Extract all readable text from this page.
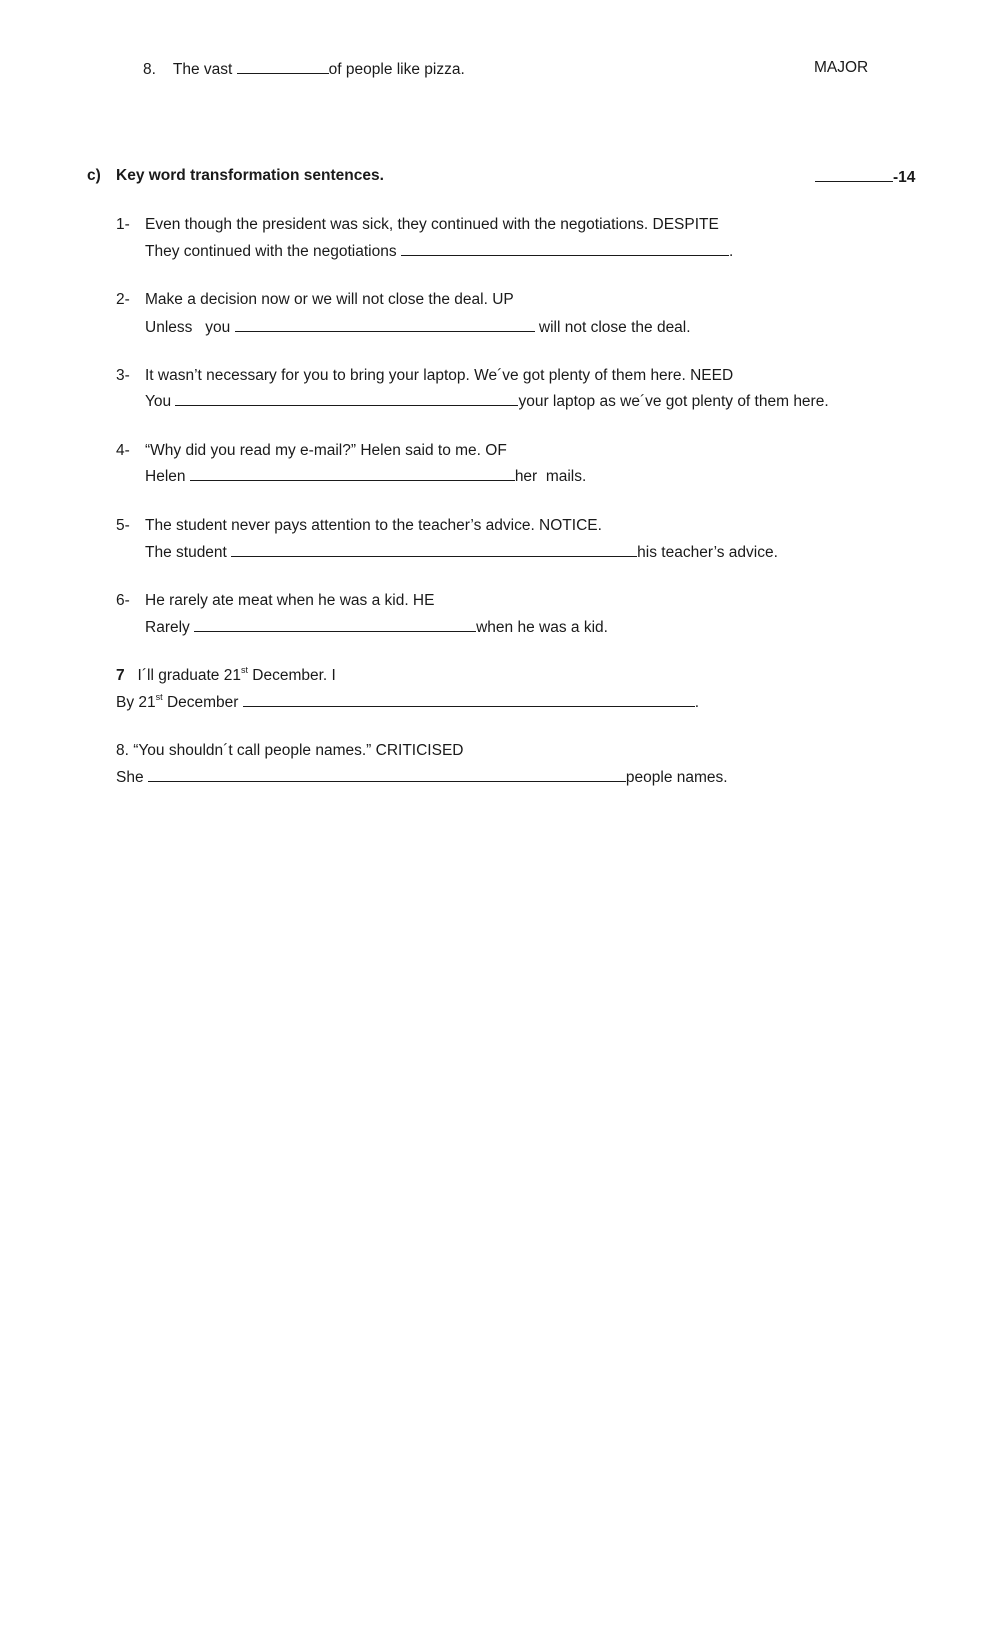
8. The vast	of people like pizza.	MAJOR
c) Key word transformation sentences.	-14
1- Even though the president was sick, they continued with the negotiations. DESPITE
They continued with the negotiations	.
2- Make a decision now or we will not close the deal. UP
Unless   you	will not close the deal.
3- It wasn’t necessary for you to bring your laptop. We´ve got plenty of them here. NEED
You	your laptop as we´ve got plenty of them here.
4- “Why did you read my e-mail?” Helen said to me. OF
Helen	her  mails.
5- The student never pays attention to the teacher’s advice. NOTICE.
The student	his teacher’s advice.
6- He rarely ate meat when he was a kid. HE
Rarely	when he was a kid.
7 I´ll graduate 21st December. I
By 21st December	.
8. “You shouldn´t call people names.” CRITICISED
She	people names.
